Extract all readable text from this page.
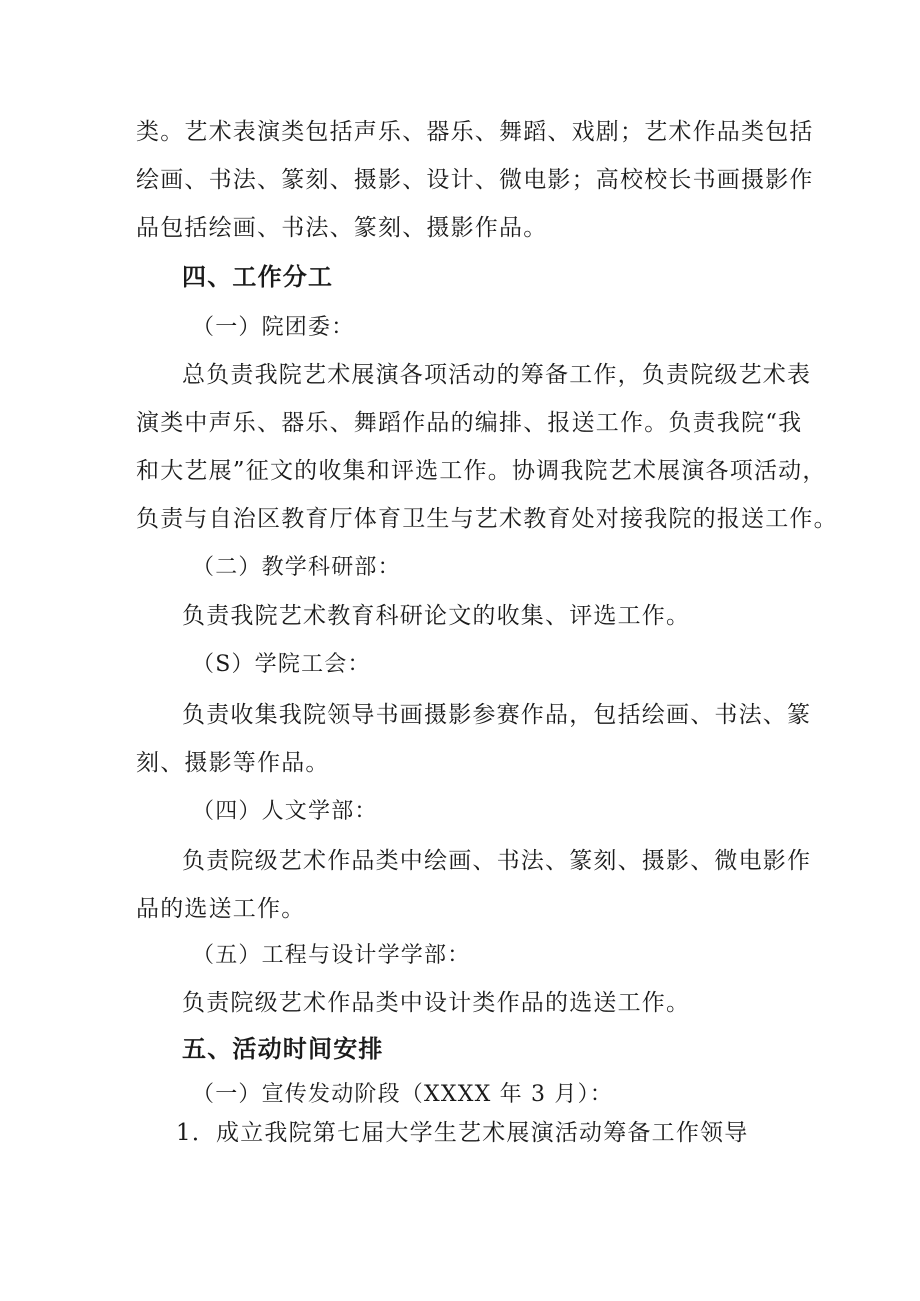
类。艺术表演类包括声乐、器乐、舞蹈、戏剧；艺术作品类包括
绘画、书法、篆刻、摄影、设计、微电影；高校校长书画摄影作
品包括绘画、书法、篆刻、摄影作品。
四、工作分工
（一）院团委：
总负责我院艺术展演各项活动的筹备工作，负责院级艺术表
演类中声乐、器乐、舞蹈作品的编排、报送工作。负责我院“我
和大艺展”征文的收集和评选工作。协调我院艺术展演各项活动，
负责与自治区教育厅体育卫生与艺术教育处对接我院的报送工作。
（二）教学科研部：
负责我院艺术教育科研论文的收集、评选工作。
（S）学院工会：
负责收集我院领导书画摄影参赛作品，包括绘画、书法、篆
刻、摄影等作品。
（四）人文学部：
负责院级艺术作品类中绘画、书法、篆刻、摄影、微电影作
品的选送工作。
（五）工程与设计学学部：
负责院级艺术作品类中设计类作品的选送工作。
五、活动时间安排
（一）宣传发动阶段（XXXX 年 3 月）：
1．成立我院第七届大学生艺术展演活动筹备工作领导
